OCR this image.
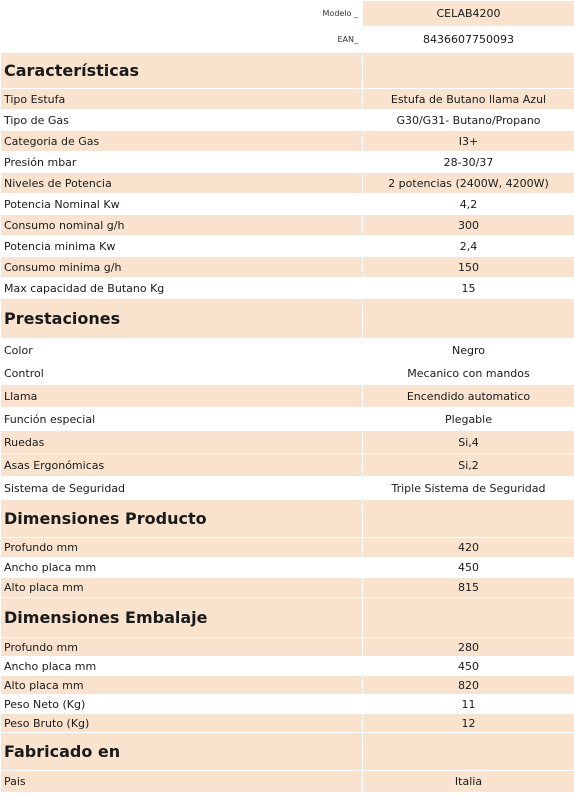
Modelo _	CELAB4200
EAN_	8436607750093
Características	
Tipo Estufa	Estufa de Butano llama Azul
Tipo de Gas	G30/G31- Butano/Propano
Categoria de Gas	I3+
Presión mbar	28-30/37
Niveles de Potencia	2 potencias (2400W, 4200W)
Potencia Nominal Kw	4,2
Consumo nominal g/h	300
Potencia minima Kw	2,4
Consumo minima g/h	150
Max capacidad de Butano Kg	15
Prestaciones	
Color	Negro
Control	Mecanico con mandos
Llama	Encendido automatico
Función especial	Plegable
Ruedas	Si,4
Asas Ergonómicas	Si,2
Sistema de Seguridad	Triple Sistema de Seguridad
Dimensiones Producto	
Profundo mm	420
Ancho placa mm	450
Alto placa mm	815
Dimensiones Embalaje	
Profundo mm	280
Ancho placa mm	450
Alto placa mm	820
Peso Neto (Kg)	11
Peso Bruto (Kg)	12
Fabricado en	
Pais	Italia
